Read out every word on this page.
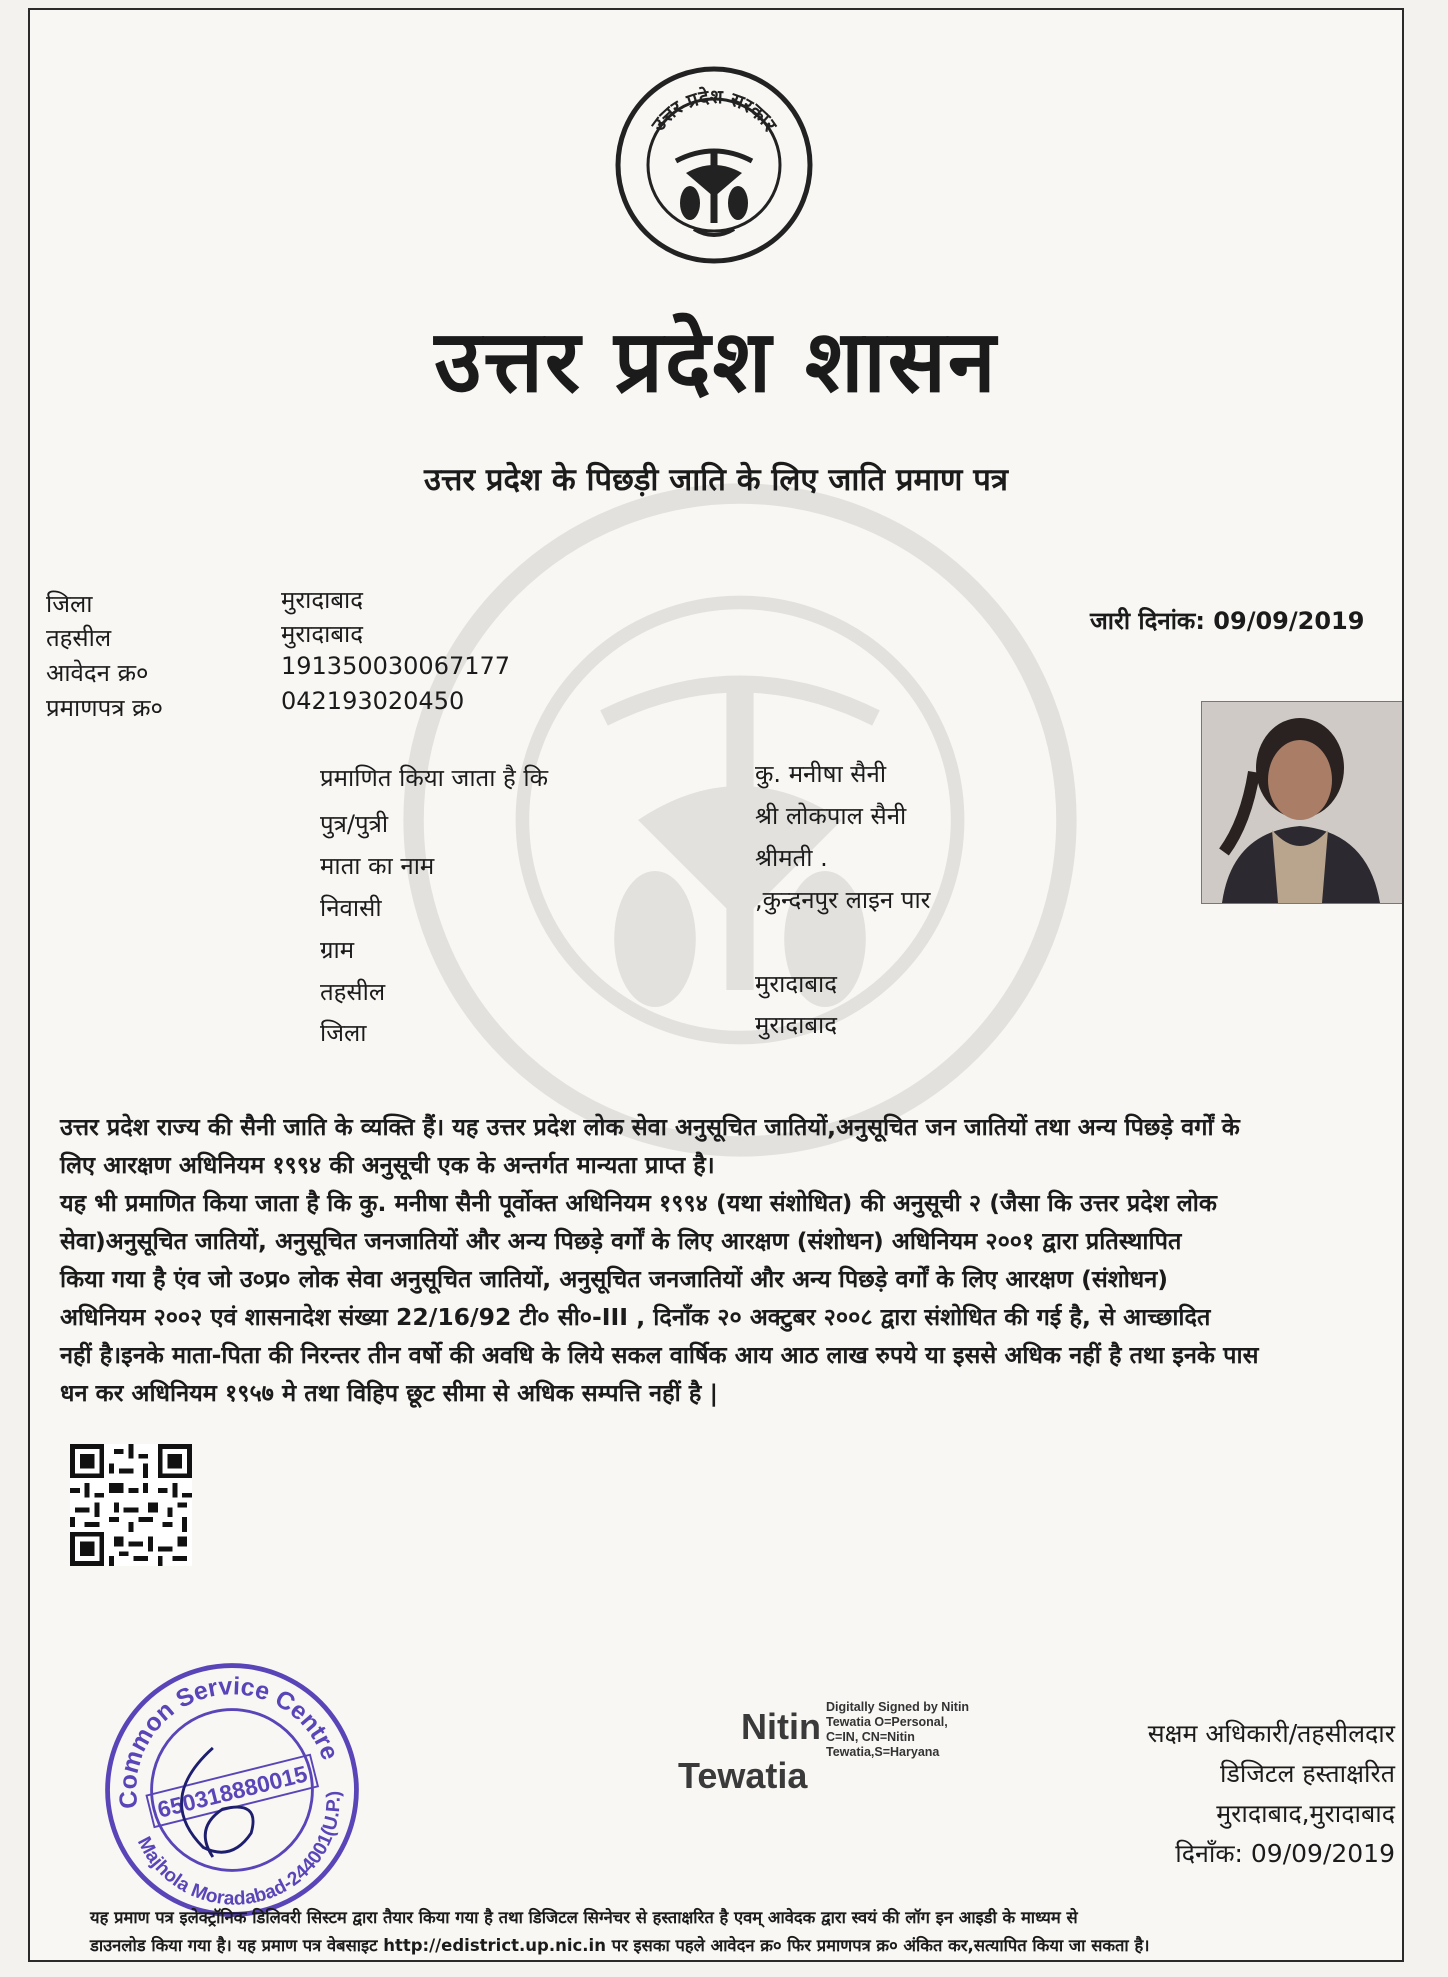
उत्तर प्रदेश सरकार
उत्तर प्रदेश शासन
उत्तर प्रदेश के पिछड़ी जाति के लिए जाति प्रमाण पत्र
जिला	मुरादाबाद
तहसील	मुरादाबाद
आवेदन क्र०	191350030067177
प्रमाणपत्र क्र०	042193020450
जारी दिनांक: 09/09/2019
प्रमाणित किया जाता है कि	कु. मनीषा सैनी
पुत्र/पुत्री	श्री लोकपाल सैनी
माता का नाम	श्रीमती .
निवासी	,कुन्दनपुर लाइन पार
ग्राम
तहसील	मुरादाबाद
जिला	मुरादाबाद

उत्तर प्रदेश राज्य की सैनी जाति के व्यक्ति हैं। यह उत्तर प्रदेश लोक सेवा अनुसूचित जातियों,अनुसूचित जन जातियों तथा अन्य पिछड़े वर्गों के

लिए आरक्षण अधिनियम १९९४ की अनुसूची एक के अन्तर्गत मान्यता प्राप्त है।

यह भी प्रमाणित किया जाता है कि कु. मनीषा सैनी पूर्वोक्त अधिनियम १९९४ (यथा संशोधित) की अनुसूची २ (जैसा कि उत्तर प्रदेश लोक

सेवा)अनुसूचित जातियों, अनुसूचित जनजातियों और अन्य पिछड़े वर्गों के लिए आरक्षण (संशोधन) अधिनियम २००१ द्वारा प्रतिस्थापित

किया गया है एंव जो उ०प्र० लोक सेवा अनुसूचित जातियों, अनुसूचित जनजातियों और अन्य पिछड़े वर्गों के लिए आरक्षण (संशोधन)

अधिनियम २००२ एवं शासनादेश संख्या 22/16/92 टी० सी०-III , दिनाँक २० अक्टुबर २००८ द्वारा संशोधित की गई है, से आच्छादित

नहीं है।इनके माता-पिता की निरन्तर तीन वर्षो की अवधि के लिये सकल वार्षिक आय आठ लाख रुपये या इससे अधिक नहीं है तथा इनके पास

धन कर अधिनियम १९५७ मे तथा विहिप छूट सीमा से अधिक सम्पत्ति नहीं है |

Common Service Centre
Majhola Moradabad-244001(U.P.)
650318880015
Nitin
Tewatia
Digitally Signed by Nitin
Tewatia O=Personal,
C=IN, CN=Nitin
Tewatia,S=Haryana
सक्षम अधिकारी/तहसीलदार
डिजिटल हस्ताक्षरित
मुरादाबाद,मुरादाबाद
दिनाँक: 09/09/2019

यह प्रमाण पत्र इलेक्ट्रॉनिक डिलिवरी सिस्टम द्वारा तैयार किया गया है तथा डिजिटल सिग्नेचर से हस्ताक्षरित है एवम् आवेदक द्वारा स्वयं की लॉग इन आइडी के माध्यम से

डाउनलोड किया गया है। यह प्रमाण पत्र वेबसाइट http://edistrict.up.nic.in पर इसका पहले आवेदन क्र० फिर प्रमाणपत्र क्र० अंकित कर,सत्यापित किया जा सकता है।
